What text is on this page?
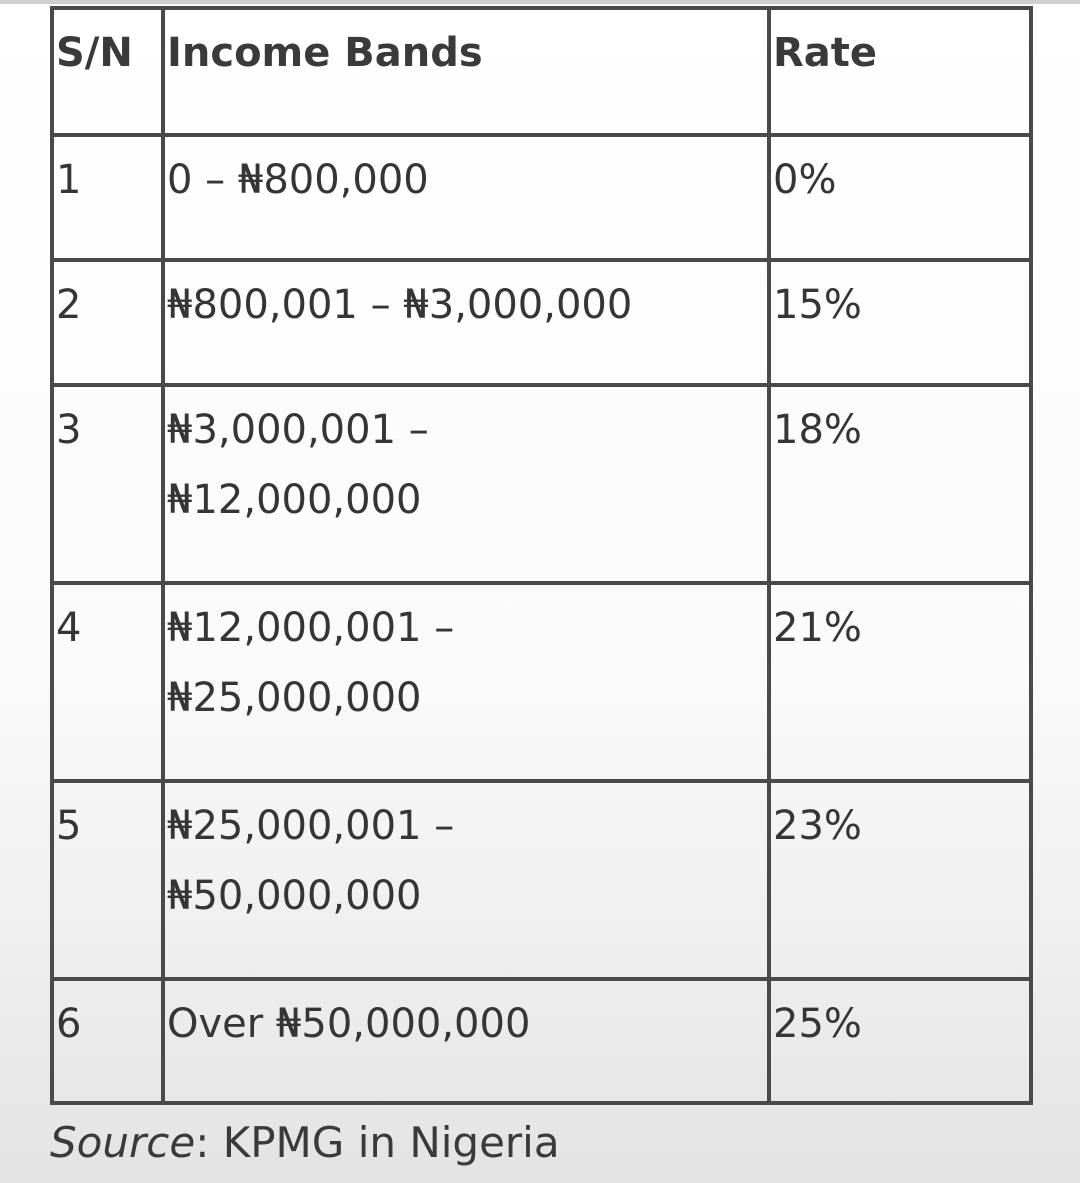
S/N	Income Bands	Rate

1	0 – ₦800,000	0%

2	₦800,001 – ₦3,000,000	15%

3	₦3,000,001 –
₦12,000,000	18%

4	₦12,000,001 –
₦25,000,000	21%

5	₦25,000,001 –
₦50,000,000	23%

6	Over ₦50,000,000	25%
Source: KPMG in Nigeria
